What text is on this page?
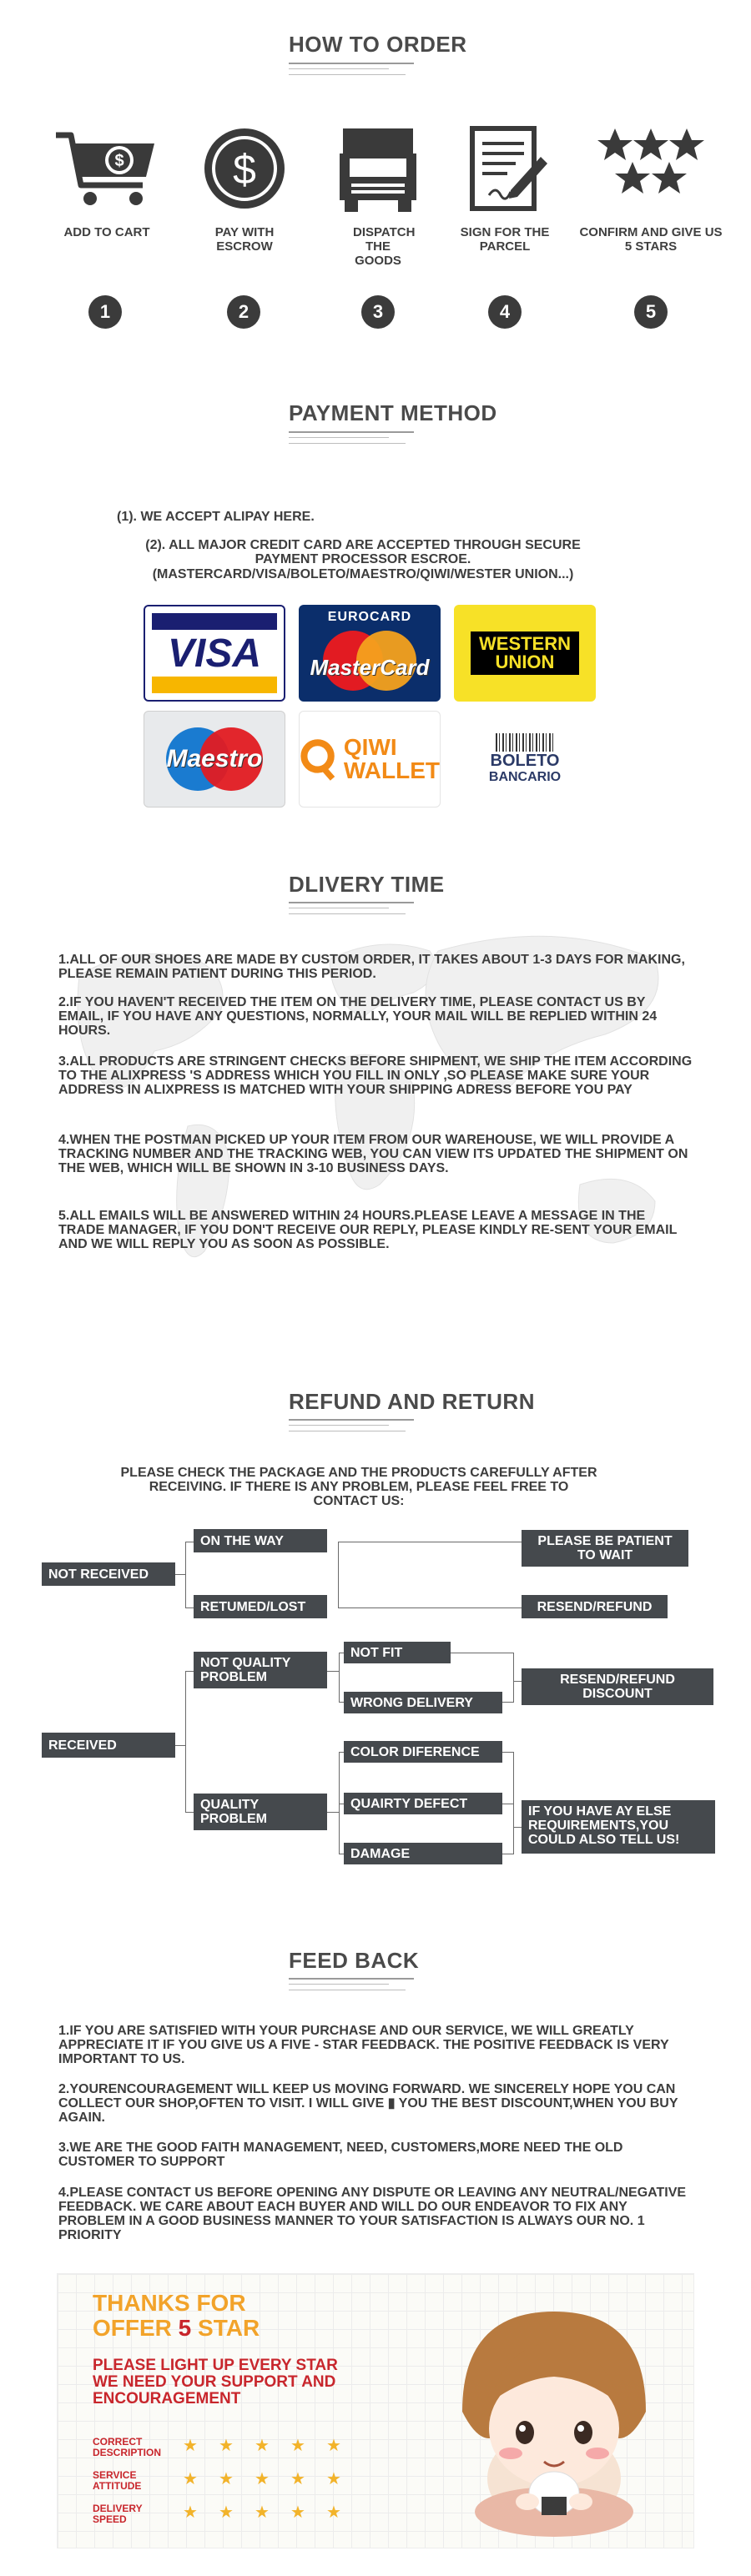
HOW TO ORDER
$
ADD TO CART
$
PAY WITH ESCROW
DISPATCH THE GOODS
SIGN FOR THE PARCEL
CONFIRM AND GIVE US 5 STARS
1	2	3	4	5
PAYMENT METHOD
(1). WE ACCEPT ALIPAY HERE.
(2). ALL MAJOR CREDIT CARD ARE ACCEPTED THROUGH SECURE
PAYMENT PROCESSOR ESCROE.
(MASTERCARD/VISA/BOLETO/MAESTRO/QIWI/WESTER UNION...)
VISA
EUROCARD
MasterCard
WESTERN
UNION
Maestro	QIWI
WALLET	BOLETO
BANCARIO
DLIVERY TIME
1.ALL OF OUR SHOES ARE MADE BY CUSTOM ORDER, IT TAKES ABOUT 1-3 DAYS FOR MAKING, PLEASE REMAIN PATIENT DURING THIS PERIOD.
2.IF YOU HAVEN'T RECEIVED THE ITEM ON THE DELIVERY TIME, PLEASE CONTACT US BY EMAIL, IF YOU HAVE ANY QUESTIONS, NORMALLY, YOUR MAIL WILL BE REPLIED WITHIN 24 HOURS.
3.ALL PRODUCTS ARE STRINGENT CHECKS BEFORE SHIPMENT, WE SHIP THE ITEM ACCORDING TO THE ALIXPRESS 'S ADDRESS WHICH YOU FILL IN ONLY ,SO PLEASE MAKE SURE YOUR ADDRESS IN ALIXPRESS IS MATCHED WITH YOUR SHIPPING ADRESS BEFORE YOU PAY
4.WHEN THE POSTMAN PICKED UP YOUR ITEM FROM OUR WAREHOUSE, WE WILL PROVIDE A TRACKING NUMBER AND THE TRACKING WEB, YOU CAN VIEW ITS UPDATED THE SHIPMENT ON THE WEB, WHICH WILL BE SHOWN IN 3-10 BUSINESS DAYS.
5.ALL EMAILS WILL BE ANSWERED WITHIN 24 HOURS.PLEASE LEAVE A MESSAGE IN THE TRADE MANAGER, IF YOU DON'T RECEIVE OUR REPLY, PLEASE KINDLY RE-SENT YOUR EMAIL AND WE WILL REPLY YOU AS SOON AS POSSIBLE.
REFUND AND RETURN
PLEASE CHECK THE PACKAGE AND THE PRODUCTS CAREFULLY AFTER RECEIVING. IF THERE IS ANY PROBLEM, PLEASE FEEL FREE TO CONTACT US:
NOT RECEIVED
ON THE WAY
RETUMED/LOST
PLEASE BE PATIENT TO WAIT
RESEND/REFUND
RECEIVED
NOT QUALITY PROBLEM
QUALITY PROBLEM
NOT FIT
WRONG DELIVERY
RESEND/REFUND DISCOUNT
COLOR DIFERENCE
QUAIRTY DEFECT
DAMAGE
IF YOU HAVE AY ELSE REQUIREMENTS,YOU COULD ALSO TELL US!
FEED BACK
1.IF YOU ARE SATISFIED WITH YOUR PURCHASE AND OUR SERVICE, WE WILL GREATLY APPRECIATE IT IF YOU GIVE US A FIVE - STAR FEEDBACK. THE POSITIVE FEEDBACK IS VERY IMPORTANT TO US.
2.YOURENCOURAGEMENT WILL KEEP US MOVING FORWARD. WE SINCERELY HOPE YOU CAN COLLECT OUR SHOP,OFTEN TO VISIT. I WILL GIVE ▮ YOU THE BEST DISCOUNT,WHEN YOU BUY AGAIN.
3.WE ARE THE GOOD FAITH MANAGEMENT, NEED, CUSTOMERS,MORE NEED THE OLD CUSTOMER TO SUPPORT
4.PLEASE CONTACT US BEFORE OPENING ANY DISPUTE OR LEAVING ANY NEUTRAL/NEGATIVE FEEDBACK. WE CARE ABOUT EACH BUYER AND WILL DO OUR ENDEAVOR TO FIX ANY PROBLEM IN A GOOD BUSINESS MANNER TO YOUR SATISFACTION IS ALWAYS OUR NO. 1 PRIORITY
THANKS FOR
OFFER 5 STAR
PLEASE LIGHT UP EVERY STAR
WE NEED YOUR SUPPORT AND
ENCOURAGEMENT
CORRECT
DESCRIPTION
SERVICE
ATTITUDE
DELIVERY
SPEED
★ ★ ★ ★ ★
★ ★ ★ ★ ★
★ ★ ★ ★ ★
